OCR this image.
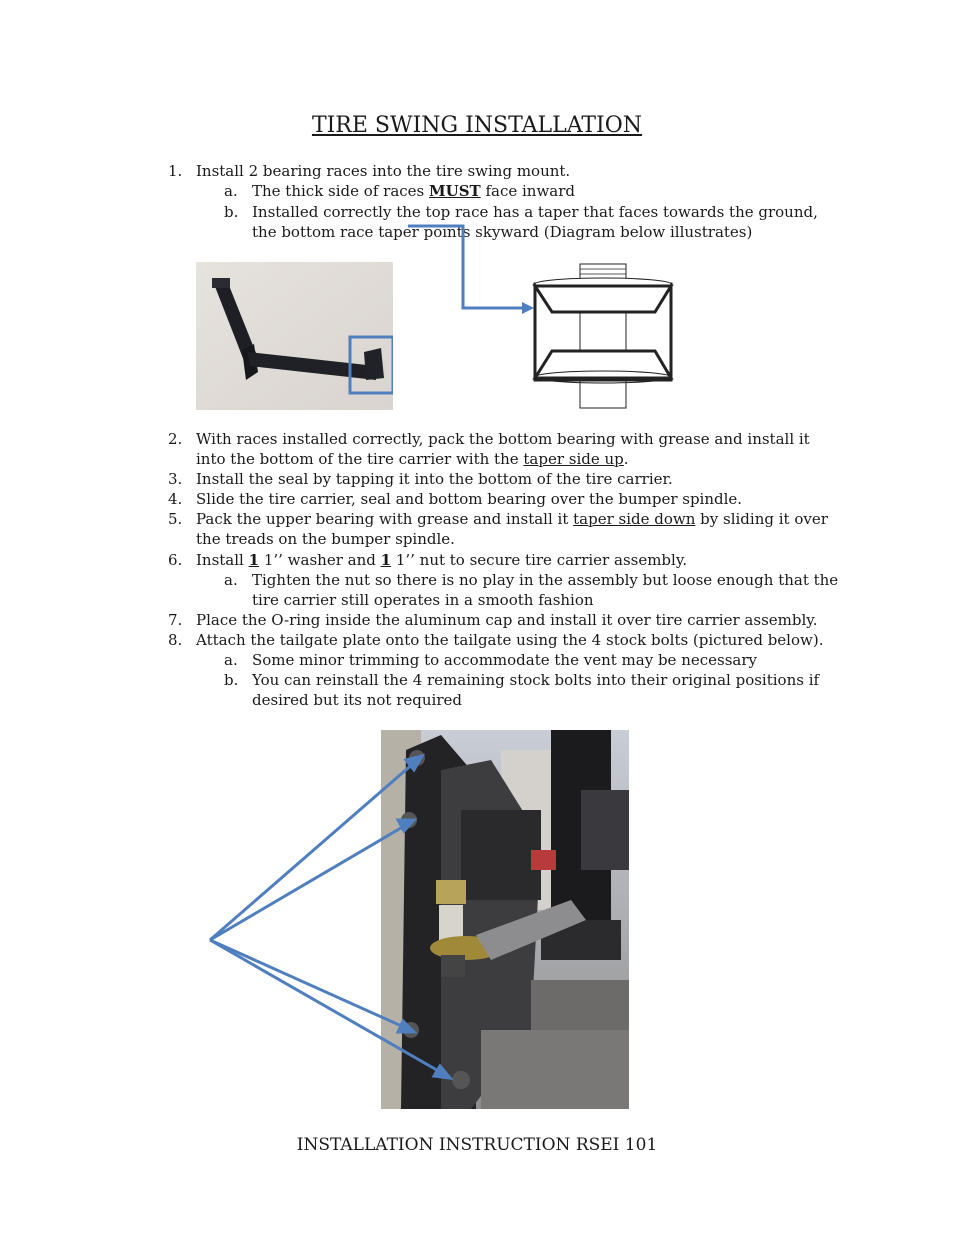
TIRE SWING INSTALLATION
1. Install 2 bearing races into the tire swing mount.
a. The thick side of races MUST face inward
b. Installed correctly the top race has a taper that faces towards the ground,
the bottom race taper points skyward (Diagram below illustrates)
2. With races installed correctly, pack the bottom bearing with grease and install it
into the bottom of the tire carrier with the taper side up.
3. Install the seal by tapping it into the bottom of the tire carrier.
4. Slide the tire carrier, seal and bottom bearing over the bumper spindle.
5. Pack the upper bearing with grease and install it taper side down by sliding it over
the treads on the bumper spindle.
6. Install 1 1’’ washer and 1 1’’ nut to secure tire carrier assembly.
a. Tighten the nut so there is no play in the assembly but loose enough that the
tire carrier still operates in a smooth fashion
7. Place the O-ring inside the aluminum cap and install it over tire carrier assembly.
8. Attach the tailgate plate onto the tailgate using the 4 stock bolts (pictured below).
a. Some minor trimming to accommodate the vent may be necessary
b. You can reinstall the 4 remaining stock bolts into their original positions if
desired but its not required
INSTALLATION INSTRUCTION RSEI 101
